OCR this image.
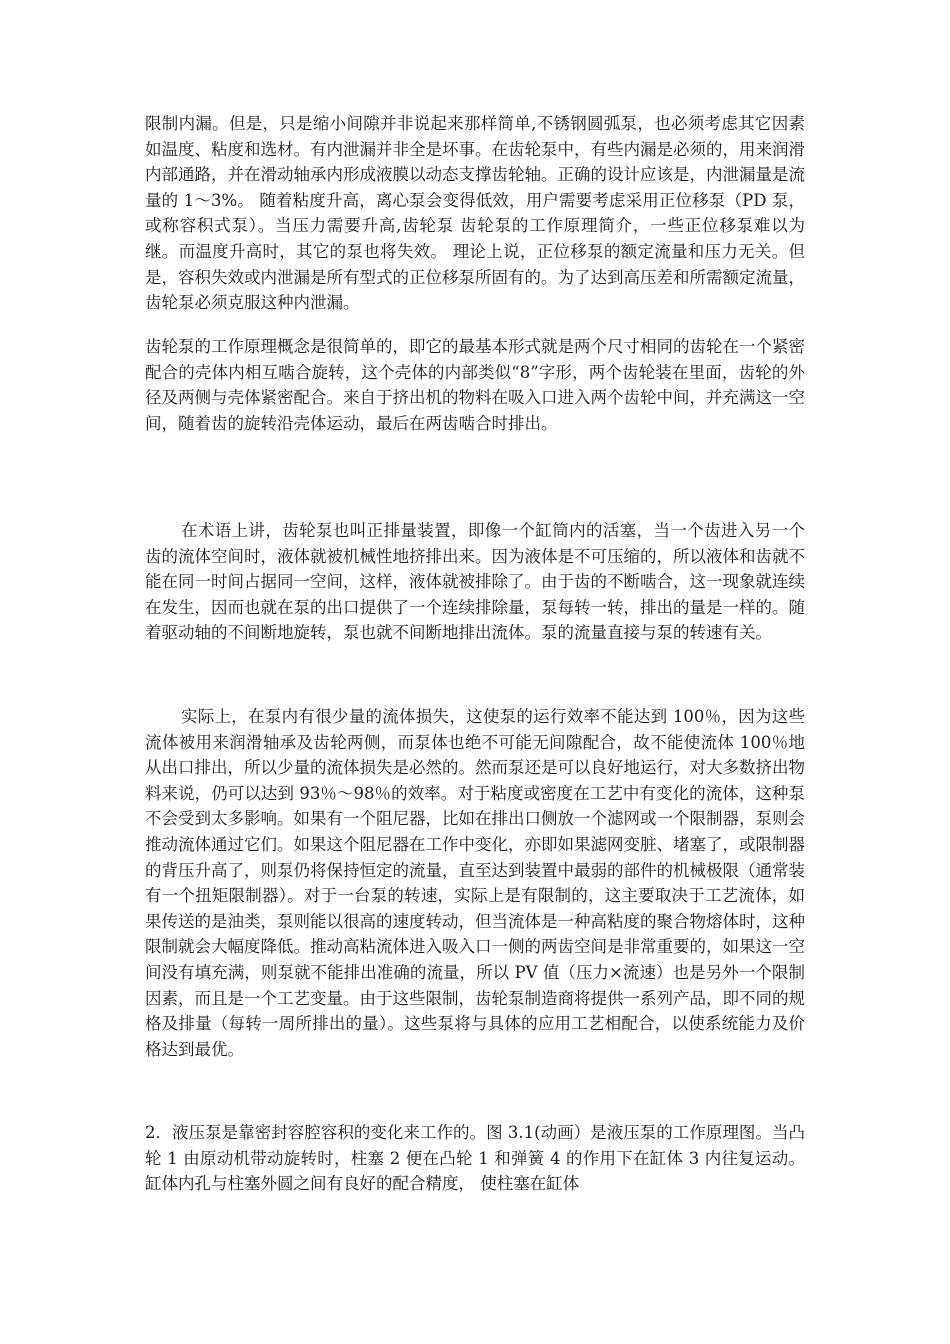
限制内漏。但是，只是缩小间隙并非说起来那样简单,不锈钢圆弧泵，也必须考虑其它因素如温度、粘度和选材。有内泄漏并非全是坏事。在齿轮泵中，有些内漏是必须的，用来润滑内部通路，并在滑动轴承内形成液膜以动态支撑齿轮轴。正确的设计应该是，内泄漏量是流量的 1～3%。 随着粘度升高，离心泵会变得低效，用户需要考虑采用正位移泵（PD 泵，或称容积式泵）。当压力需要升高,齿轮泵 齿轮泵的工作原理简介，一些正位移泵难以为继。而温度升高时，其它的泵也将失效。 理论上说，正位移泵的额定流量和压力无关。但是，容积失效或内泄漏是所有型式的正位移泵所固有的。为了达到高压差和所需额定流量，齿轮泵必须克服这种内泄漏。

齿轮泵的工作原理概念是很简单的，即它的最基本形式就是两个尺寸相同的齿轮在一个紧密配合的壳体内相互啮合旋转，这个壳体的内部类似“8”字形，两个齿轮装在里面，齿轮的外径及两侧与壳体紧密配合。来自于挤出机的物料在吸入口进入两个齿轮中间，并充满这一空间，随着齿的旋转沿壳体运动，最后在两齿啮合时排出。

在术语上讲，齿轮泵也叫正排量装置，即像一个缸筒内的活塞，当一个齿进入另一个齿的流体空间时，液体就被机械性地挤排出来。因为液体是不可压缩的，所以液体和齿就不能在同一时间占据同一空间，这样，液体就被排除了。由于齿的不断啮合，这一现象就连续在发生，因而也就在泵的出口提供了一个连续排除量，泵每转一转，排出的量是一样的。随着驱动轴的不间断地旋转，泵也就不间断地排出流体。泵的流量直接与泵的转速有关。

实际上，在泵内有很少量的流体损失，这使泵的运行效率不能达到 100％，因为这些流体被用来润滑轴承及齿轮两侧，而泵体也绝不可能无间隙配合，故不能使流体 100％地从出口排出，所以少量的流体损失是必然的。然而泵还是可以良好地运行，对大多数挤出物料来说，仍可以达到 93％～98％的效率。对于粘度或密度在工艺中有变化的流体，这种泵不会受到太多影响。如果有一个阻尼器，比如在排出口侧放一个滤网或一个限制器，泵则会推动流体通过它们。如果这个阻尼器在工作中变化，亦即如果滤网变脏、堵塞了，或限制器的背压升高了，则泵仍将保持恒定的流量，直至达到装置中最弱的部件的机械极限（通常装有一个扭矩限制器）。对于一台泵的转速，实际上是有限制的，这主要取决于工艺流体，如果传送的是油类，泵则能以很高的速度转动，但当流体是一种高粘度的聚合物熔体时，这种限制就会大幅度降低。推动高粘流体进入吸入口一侧的两齿空间是非常重要的，如果这一空间没有填充满，则泵就不能排出准确的流量，所以 PV 值（压力×流速）也是另外一个限制因素，而且是一个工艺变量。由于这些限制，齿轮泵制造商将提供一系列产品，即不同的规格及排量（每转一周所排出的量）。这些泵将与具体的应用工艺相配合，以使系统能力及价格达到最优。

2．液压泵是靠密封容腔容积的变化来工作的。图 3.1(动画）是液压泵的工作原理图。当凸轮 1 由原动机带动旋转时，柱塞 2 便在凸轮 1 和弹簧 4 的作用下在缸体 3 内往复运动。缸体内孔与柱塞外圆之间有良好的配合精度， 使柱塞在缸体
